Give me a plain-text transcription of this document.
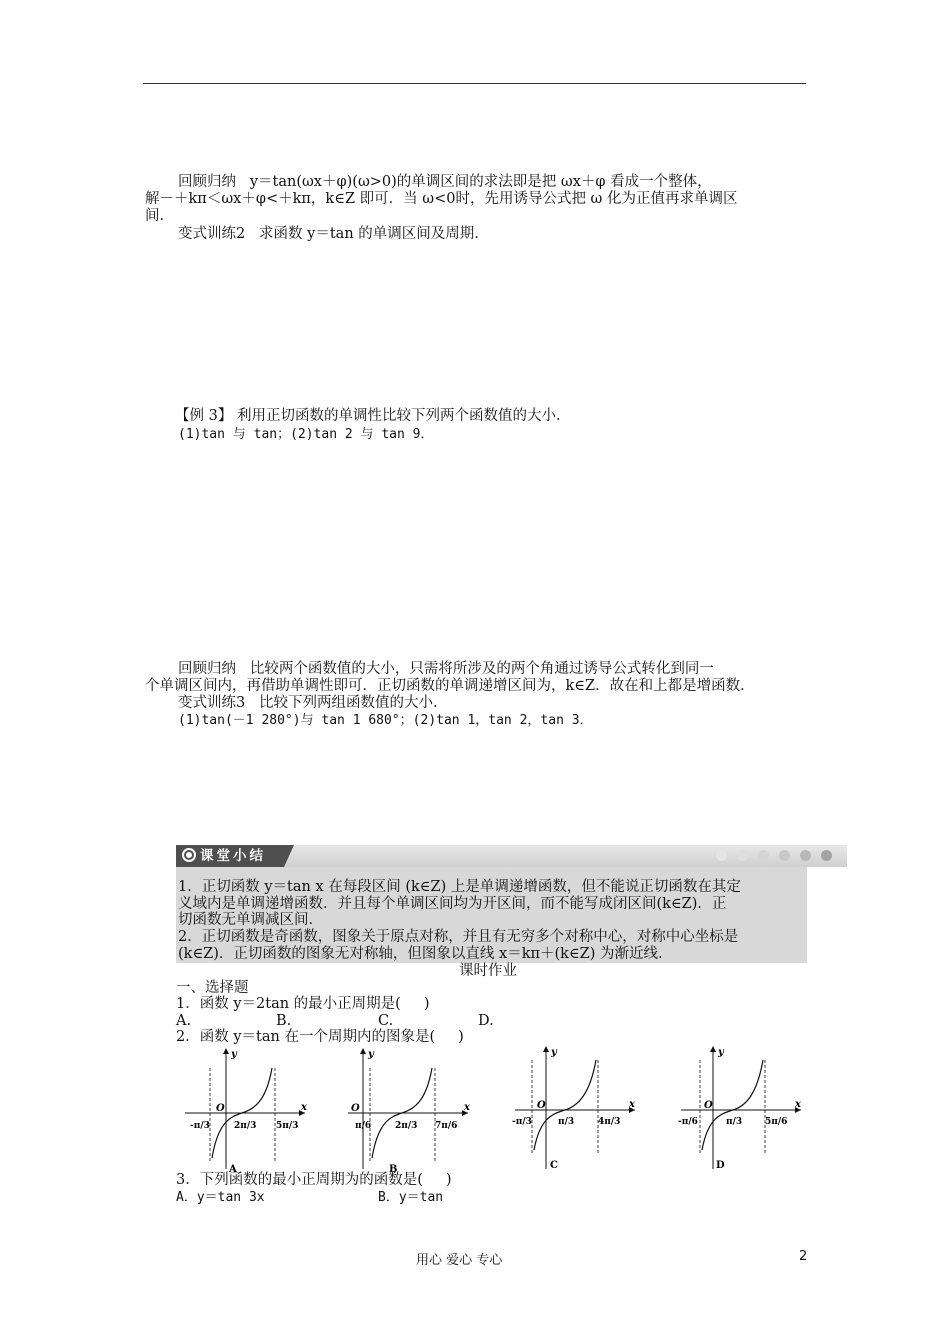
回顾归纳   y＝tan(ωx＋φ)(ω>0)的单调区间的求法即是把 ωx＋φ 看成一个整体，
解－＋kπ＜ωx＋φ<＋kπ，k∈Z 即可．当 ω<0时，先用诱导公式把 ω 化为正值再求单调区
间．
变式训练2   求函数 y＝tan 的单调区间及周期．
【例 3】 利用正切函数的单调性比较下列两个函数值的大小．
(1)tan 与 tan；(2)tan 2 与 tan 9．
回顾归纳   比较两个函数值的大小，只需将所涉及的两个角通过诱导公式转化到同一
个单调区间内，再借助单调性即可．正切函数的单调递增区间为，k∈Z．故在和上都是增函数．
变式训练3   比较下列两组函数值的大小．
(1)tan(－1 280°)与 tan 1 680°；(2)tan 1，tan 2，tan 3．
课堂小结
1．正切函数 y＝tan x 在每段区间 (k∈Z) 上是单调递增函数，但不能说正切函数在其定
义域内是单调递增函数．并且每个单调区间均为开区间，而不能写成闭区间(k∈Z)．正
切函数无单调减区间．
2．正切函数是奇函数，图象关于原点对称，并且有无穷多个对称中心，对称中心坐标是
(k∈Z)．正切函数的图象无对称轴，但图象以直线 x＝kπ＋(k∈Z) 为渐近线．
课时作业
一、选择题
1．函数 y＝2tan 的最小正周期是(     )
A.	B.	C.	D.
2．函数 y＝tan 在一个周期内的图象是(     )
y
x
O
-π/3	2π/3 5π/3
A
y
x
O
π/6	2π/3 7π/6
B
y
x
O
-π/3	π/3	4π/3
C
y
x
O
-π/6	π/3	5π/6
D
3．下列函数的最小正周期为的函数是(     )
A．y＝tan 3x	B．y＝tan
用心 爱心 专心	2
